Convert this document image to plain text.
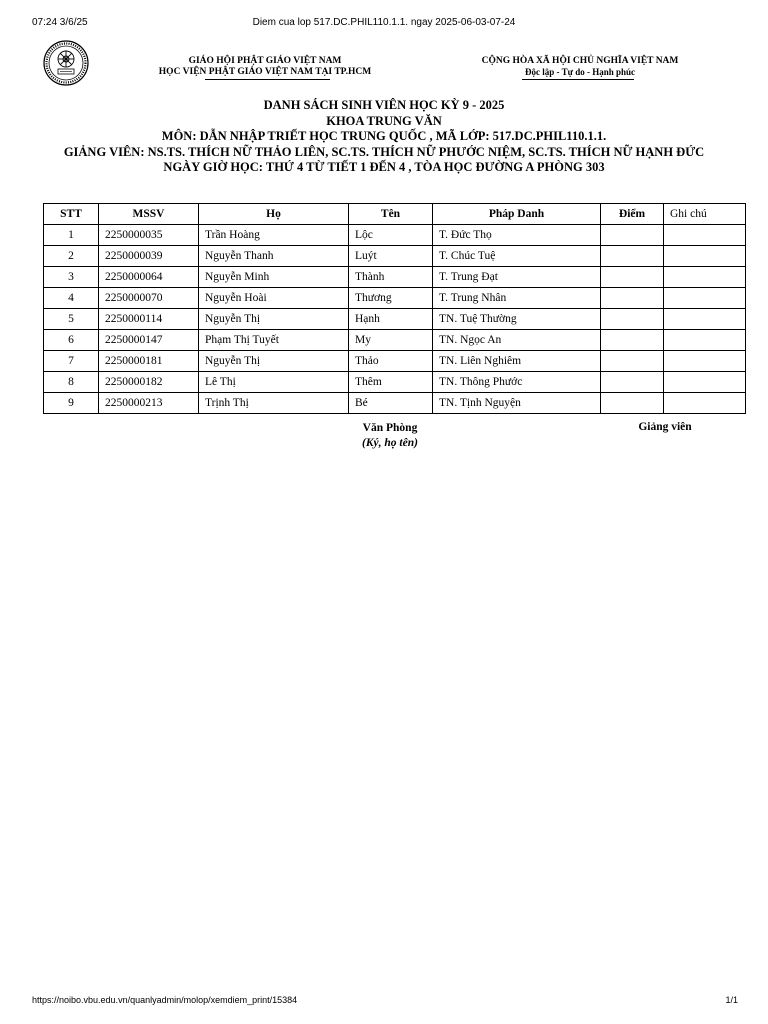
07:24 3/6/25	Diem cua lop 517.DC.PHIL110.1.1. ngay 2025-06-03-07-24
GIÁO HỘI PHẬT GIÁO VIỆT NAM
HỌC VIỆN PHẬT GIÁO VIỆT NAM TẠI TP.HCM
CỘNG HÒA XÃ HỘI CHỦ NGHĨA VIỆT NAM
Độc lập - Tự do - Hạnh phúc
DANH SÁCH SINH VIÊN HỌC KỲ 9 - 2025
KHOA TRUNG VĂN
MÔN: DẪN NHẬP TRIẾT HỌC TRUNG QUỐC , MÃ LỚP: 517.DC.PHIL110.1.1.
GIẢNG VIÊN: NS.TS. THÍCH NỮ THẢO LIÊN, SC.TS. THÍCH NỮ PHƯỚC NIỆM, SC.TS. THÍCH NỮ HẠNH ĐỨC
NGÀY GIỜ HỌC: THỨ 4 TỪ TIẾT 1 ĐẾN 4 , TÒA HỌC ĐƯỜNG A PHÒNG 303
STT	MSSV	Họ	Tên	Pháp Danh	Điểm	Ghi chú
1	2250000035	Trần Hoàng	Lộc	T. Đức Thọ		
2	2250000039	Nguyễn Thanh	Luýt	T. Chúc Tuệ		
3	2250000064	Nguyễn Minh	Thành	T. Trung Đạt		
4	2250000070	Nguyễn Hoài	Thương	T. Trung Nhân		
5	2250000114	Nguyễn Thị	Hạnh	TN. Tuệ Thường		
6	2250000147	Phạm Thị Tuyết	My	TN. Ngọc An		
7	2250000181	Nguyễn Thị	Thảo	TN. Liên Nghiêm		
8	2250000182	Lê Thị	Thêm	TN. Thông Phước		
9	2250000213	Trịnh Thị	Bé	TN. Tịnh Nguyện		
Văn Phòng
(Ký, họ tên)
Giảng viên
https://noibo.vbu.edu.vn/quanlyadmin/molop/xemdiem_print/15384	1/1
